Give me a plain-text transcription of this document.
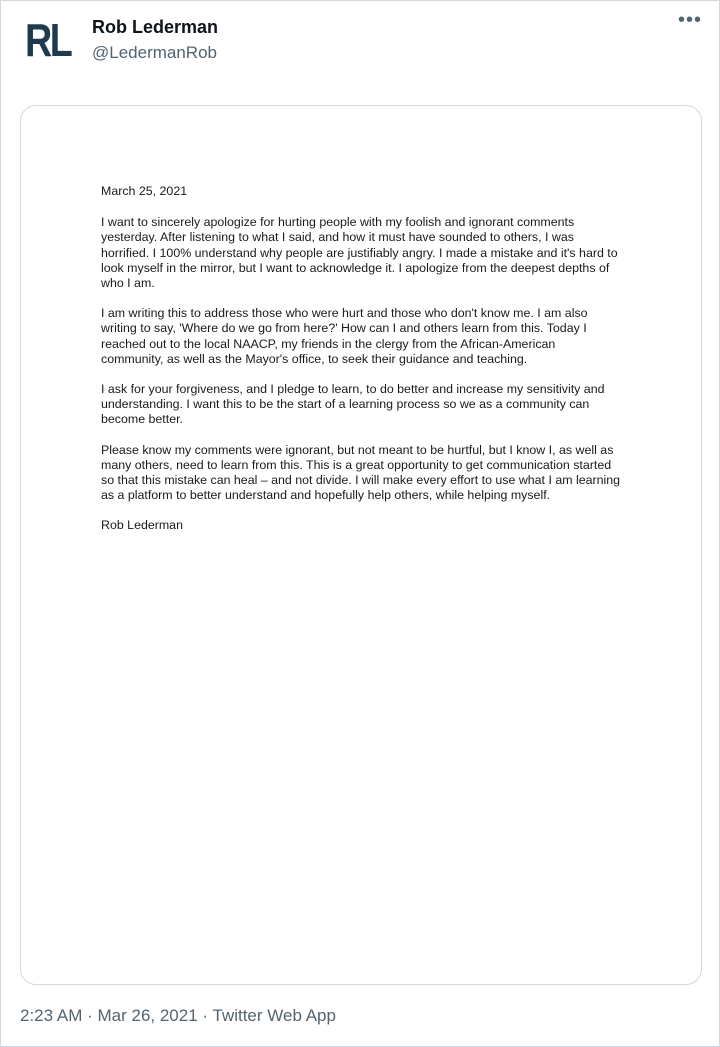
RL Rob Lederman
@LedermanRob
•••

March 25, 2021

I want to sincerely apologize for hurting people with my foolish and ignorant comments yesterday. After listening to what I said, and how it must have sounded to others, I was horrified. I 100% understand why people are justifiably angry. I made a mistake and it's hard to look myself in the mirror, but I want to acknowledge it. I apologize from the deepest depths of who I am.

I am writing this to address those who were hurt and those who don't know me. I am also writing to say, 'Where do we go from here?' How can I and others learn from this. Today I reached out to the local NAACP, my friends in the clergy from the African-American community, as well as the Mayor's office, to seek their guidance and teaching.

I ask for your forgiveness, and I pledge to learn, to do better and increase my sensitivity and understanding. I want this to be the start of a learning process so we as a community can become better.

Please know my comments were ignorant, but not meant to be hurtful, but I know I, as well as many others, need to learn from this. This is a great opportunity to get communication started so that this mistake can heal – and not divide. I will make every effort to use what I am learning as a platform to better understand and hopefully help others, while helping myself.

Rob Lederman

2:23 AM · Mar 26, 2021 · Twitter Web App
